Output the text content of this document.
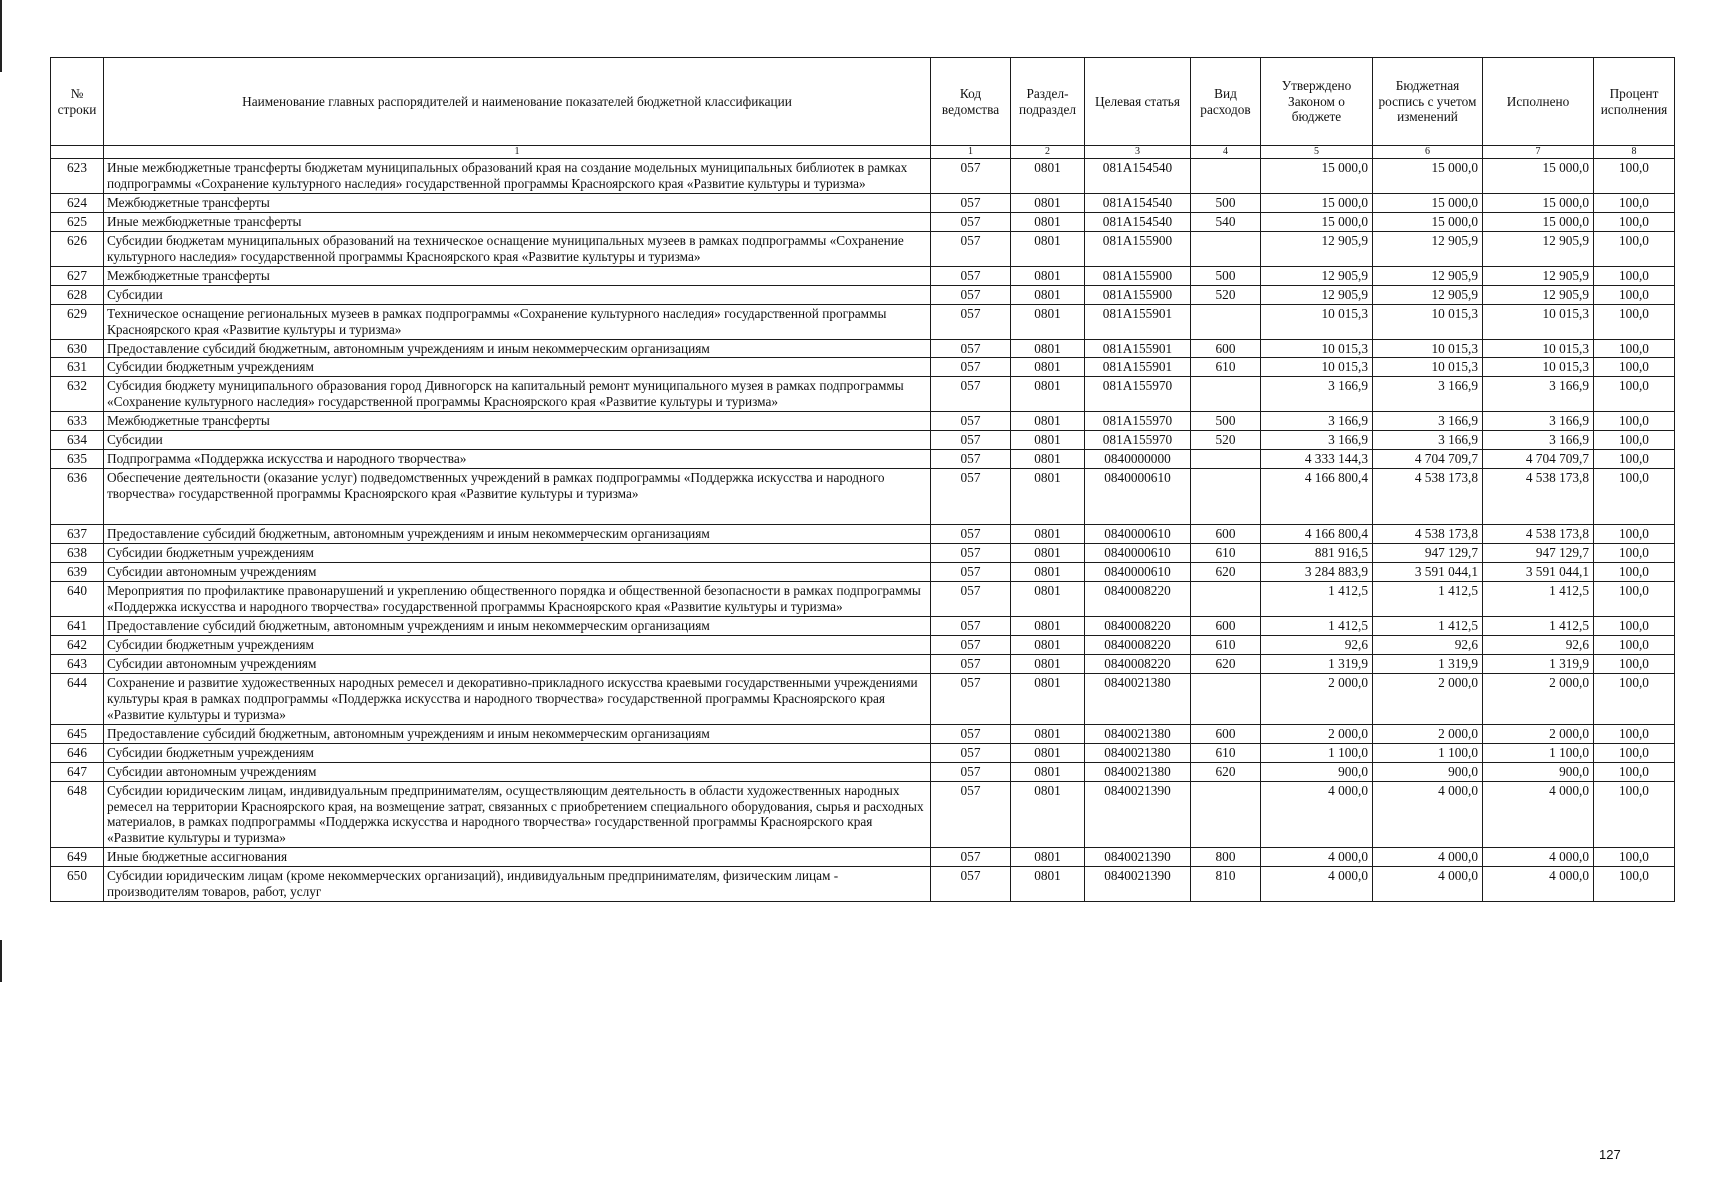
№ строки	Наименование главных распорядителей и наименование показателей бюджетной классификации	Код ведомства	Раздел-подраздел	Целевая статья	Вид расходов	Утверждено Законом о бюджете	Бюджетная роспись с учетом изменений	Исполнено	Процент исполнения
	1	1	2	3	4	5	6	7	8
623	Иные межбюджетные трансферты бюджетам муниципальных образований края на создание модельных муниципальных библиотек в рамках подпрограммы «Сохранение культурного наследия» государственной программы Красноярского края «Развитие культуры и туризма»	057	0801	081A154540		15 000,0	15 000,0	15 000,0	100,0
624	Межбюджетные трансферты	057	0801	081A154540	500	15 000,0	15 000,0	15 000,0	100,0
625	Иные межбюджетные трансферты	057	0801	081A154540	540	15 000,0	15 000,0	15 000,0	100,0
626	Субсидии бюджетам муниципальных образований на техническое оснащение муниципальных музеев в рамках подпрограммы «Сохранение культурного наследия» государственной программы Красноярского края «Развитие культуры и туризма»	057	0801	081A155900		12 905,9	12 905,9	12 905,9	100,0
627	Межбюджетные трансферты	057	0801	081A155900	500	12 905,9	12 905,9	12 905,9	100,0
628	Субсидии	057	0801	081A155900	520	12 905,9	12 905,9	12 905,9	100,0
629	Техническое оснащение региональных музеев в рамках подпрограммы «Сохранение культурного наследия» государственной программы Красноярского края «Развитие культуры и туризма»	057	0801	081A155901		10 015,3	10 015,3	10 015,3	100,0
630	Предоставление субсидий бюджетным, автономным учреждениям и иным некоммерческим организациям	057	0801	081A155901	600	10 015,3	10 015,3	10 015,3	100,0
631	Субсидии бюджетным учреждениям	057	0801	081A155901	610	10 015,3	10 015,3	10 015,3	100,0
632	Субсидия бюджету муниципального образования город Дивногорск на капитальный ремонт муниципального музея в рамках подпрограммы «Сохранение культурного наследия» государственной программы Красноярского края «Развитие культуры и туризма»	057	0801	081A155970		3 166,9	3 166,9	3 166,9	100,0
633	Межбюджетные трансферты	057	0801	081A155970	500	3 166,9	3 166,9	3 166,9	100,0
634	Субсидии	057	0801	081A155970	520	3 166,9	3 166,9	3 166,9	100,0
635	Подпрограмма «Поддержка искусства и народного творчества»	057	0801	0840000000		4 333 144,3	4 704 709,7	4 704 709,7	100,0
636	Обеспечение деятельности (оказание услуг) подведомственных учреждений в рамках подпрограммы «Поддержка искусства и народного творчества» государственной программы Красноярского края «Развитие культуры и туризма»	057	0801	0840000610		4 166 800,4	4 538 173,8	4 538 173,8	100,0
637	Предоставление субсидий бюджетным, автономным учреждениям и иным некоммерческим организациям	057	0801	0840000610	600	4 166 800,4	4 538 173,8	4 538 173,8	100,0
638	Субсидии бюджетным учреждениям	057	0801	0840000610	610	881 916,5	947 129,7	947 129,7	100,0
639	Субсидии автономным учреждениям	057	0801	0840000610	620	3 284 883,9	3 591 044,1	3 591 044,1	100,0
640	Мероприятия по профилактике правонарушений и укреплению общественного порядка и общественной безопасности в рамках подпрограммы «Поддержка искусства и народного творчества» государственной программы Красноярского края «Развитие культуры и туризма»	057	0801	0840008220		1 412,5	1 412,5	1 412,5	100,0
641	Предоставление субсидий бюджетным, автономным учреждениям и иным некоммерческим организациям	057	0801	0840008220	600	1 412,5	1 412,5	1 412,5	100,0
642	Субсидии бюджетным учреждениям	057	0801	0840008220	610	92,6	92,6	92,6	100,0
643	Субсидии автономным учреждениям	057	0801	0840008220	620	1 319,9	1 319,9	1 319,9	100,0
644	Сохранение и развитие художественных народных ремесел и декоративно-прикладного искусства краевыми государственными учреждениями культуры края в рамках подпрограммы «Поддержка искусства и народного творчества» государственной программы Красноярского края «Развитие культуры и туризма»	057	0801	0840021380		2 000,0	2 000,0	2 000,0	100,0
645	Предоставление субсидий бюджетным, автономным учреждениям и иным некоммерческим организациям	057	0801	0840021380	600	2 000,0	2 000,0	2 000,0	100,0
646	Субсидии бюджетным учреждениям	057	0801	0840021380	610	1 100,0	1 100,0	1 100,0	100,0
647	Субсидии автономным учреждениям	057	0801	0840021380	620	900,0	900,0	900,0	100,0
648	Субсидии юридическим лицам, индивидуальным предпринимателям, осуществляющим деятельность в области художественных народных ремесел на территории Красноярского края, на возмещение затрат, связанных с приобретением специального оборудования, сырья и расходных материалов, в рамках подпрограммы «Поддержка искусства и народного творчества» государственной программы Красноярского края «Развитие культуры и туризма»	057	0801	0840021390		4 000,0	4 000,0	4 000,0	100,0
649	Иные бюджетные ассигнования	057	0801	0840021390	800	4 000,0	4 000,0	4 000,0	100,0
650	Субсидии юридическим лицам (кроме некоммерческих организаций), индивидуальным предпринимателям, физическим лицам - производителям товаров, работ, услуг	057	0801	0840021390	810	4 000,0	4 000,0	4 000,0	100,0
127
